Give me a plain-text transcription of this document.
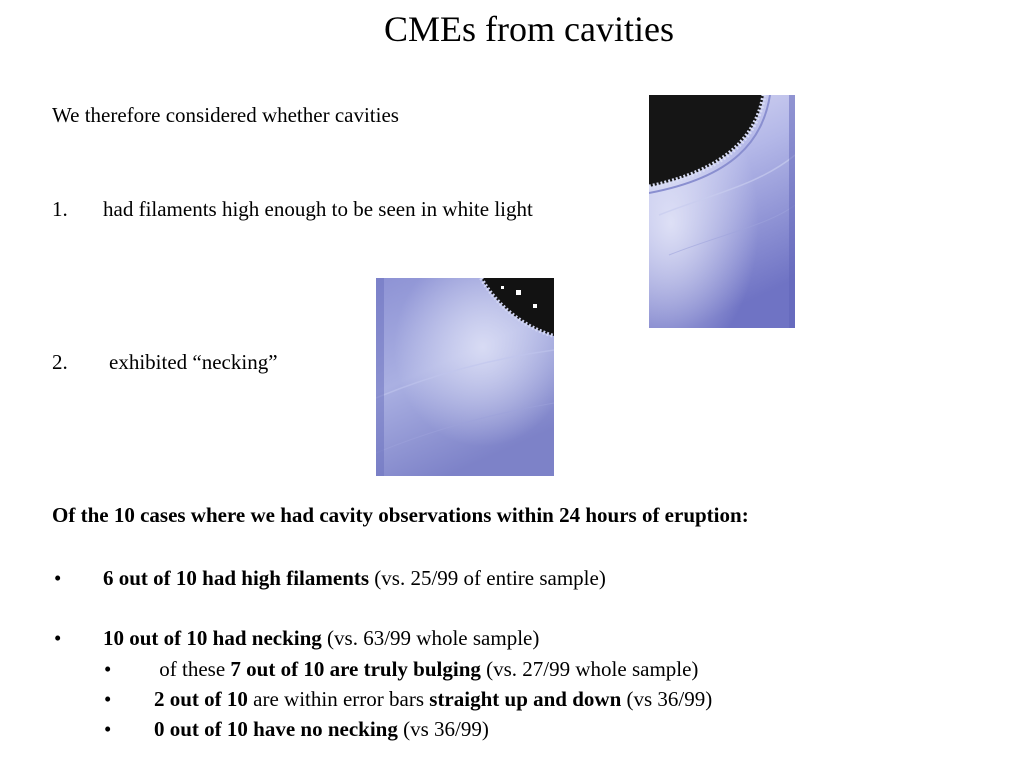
CMEs from cavities
We therefore considered whether cavities
1. had filaments high enough to be seen in white light
2. exhibited “necking”
Of the 10 cases where we had cavity observations within 24 hours of eruption:
• 6 out of 10 had high filaments (vs. 25/99 of entire sample)
• 10 out of 10 had necking (vs. 63/99 whole sample)
• of these 7 out of 10 are truly bulging (vs. 27/99 whole sample)
• 2 out of 10 are within error bars straight up and down (vs 36/99)
• 0 out of 10 have no necking (vs 36/99)
